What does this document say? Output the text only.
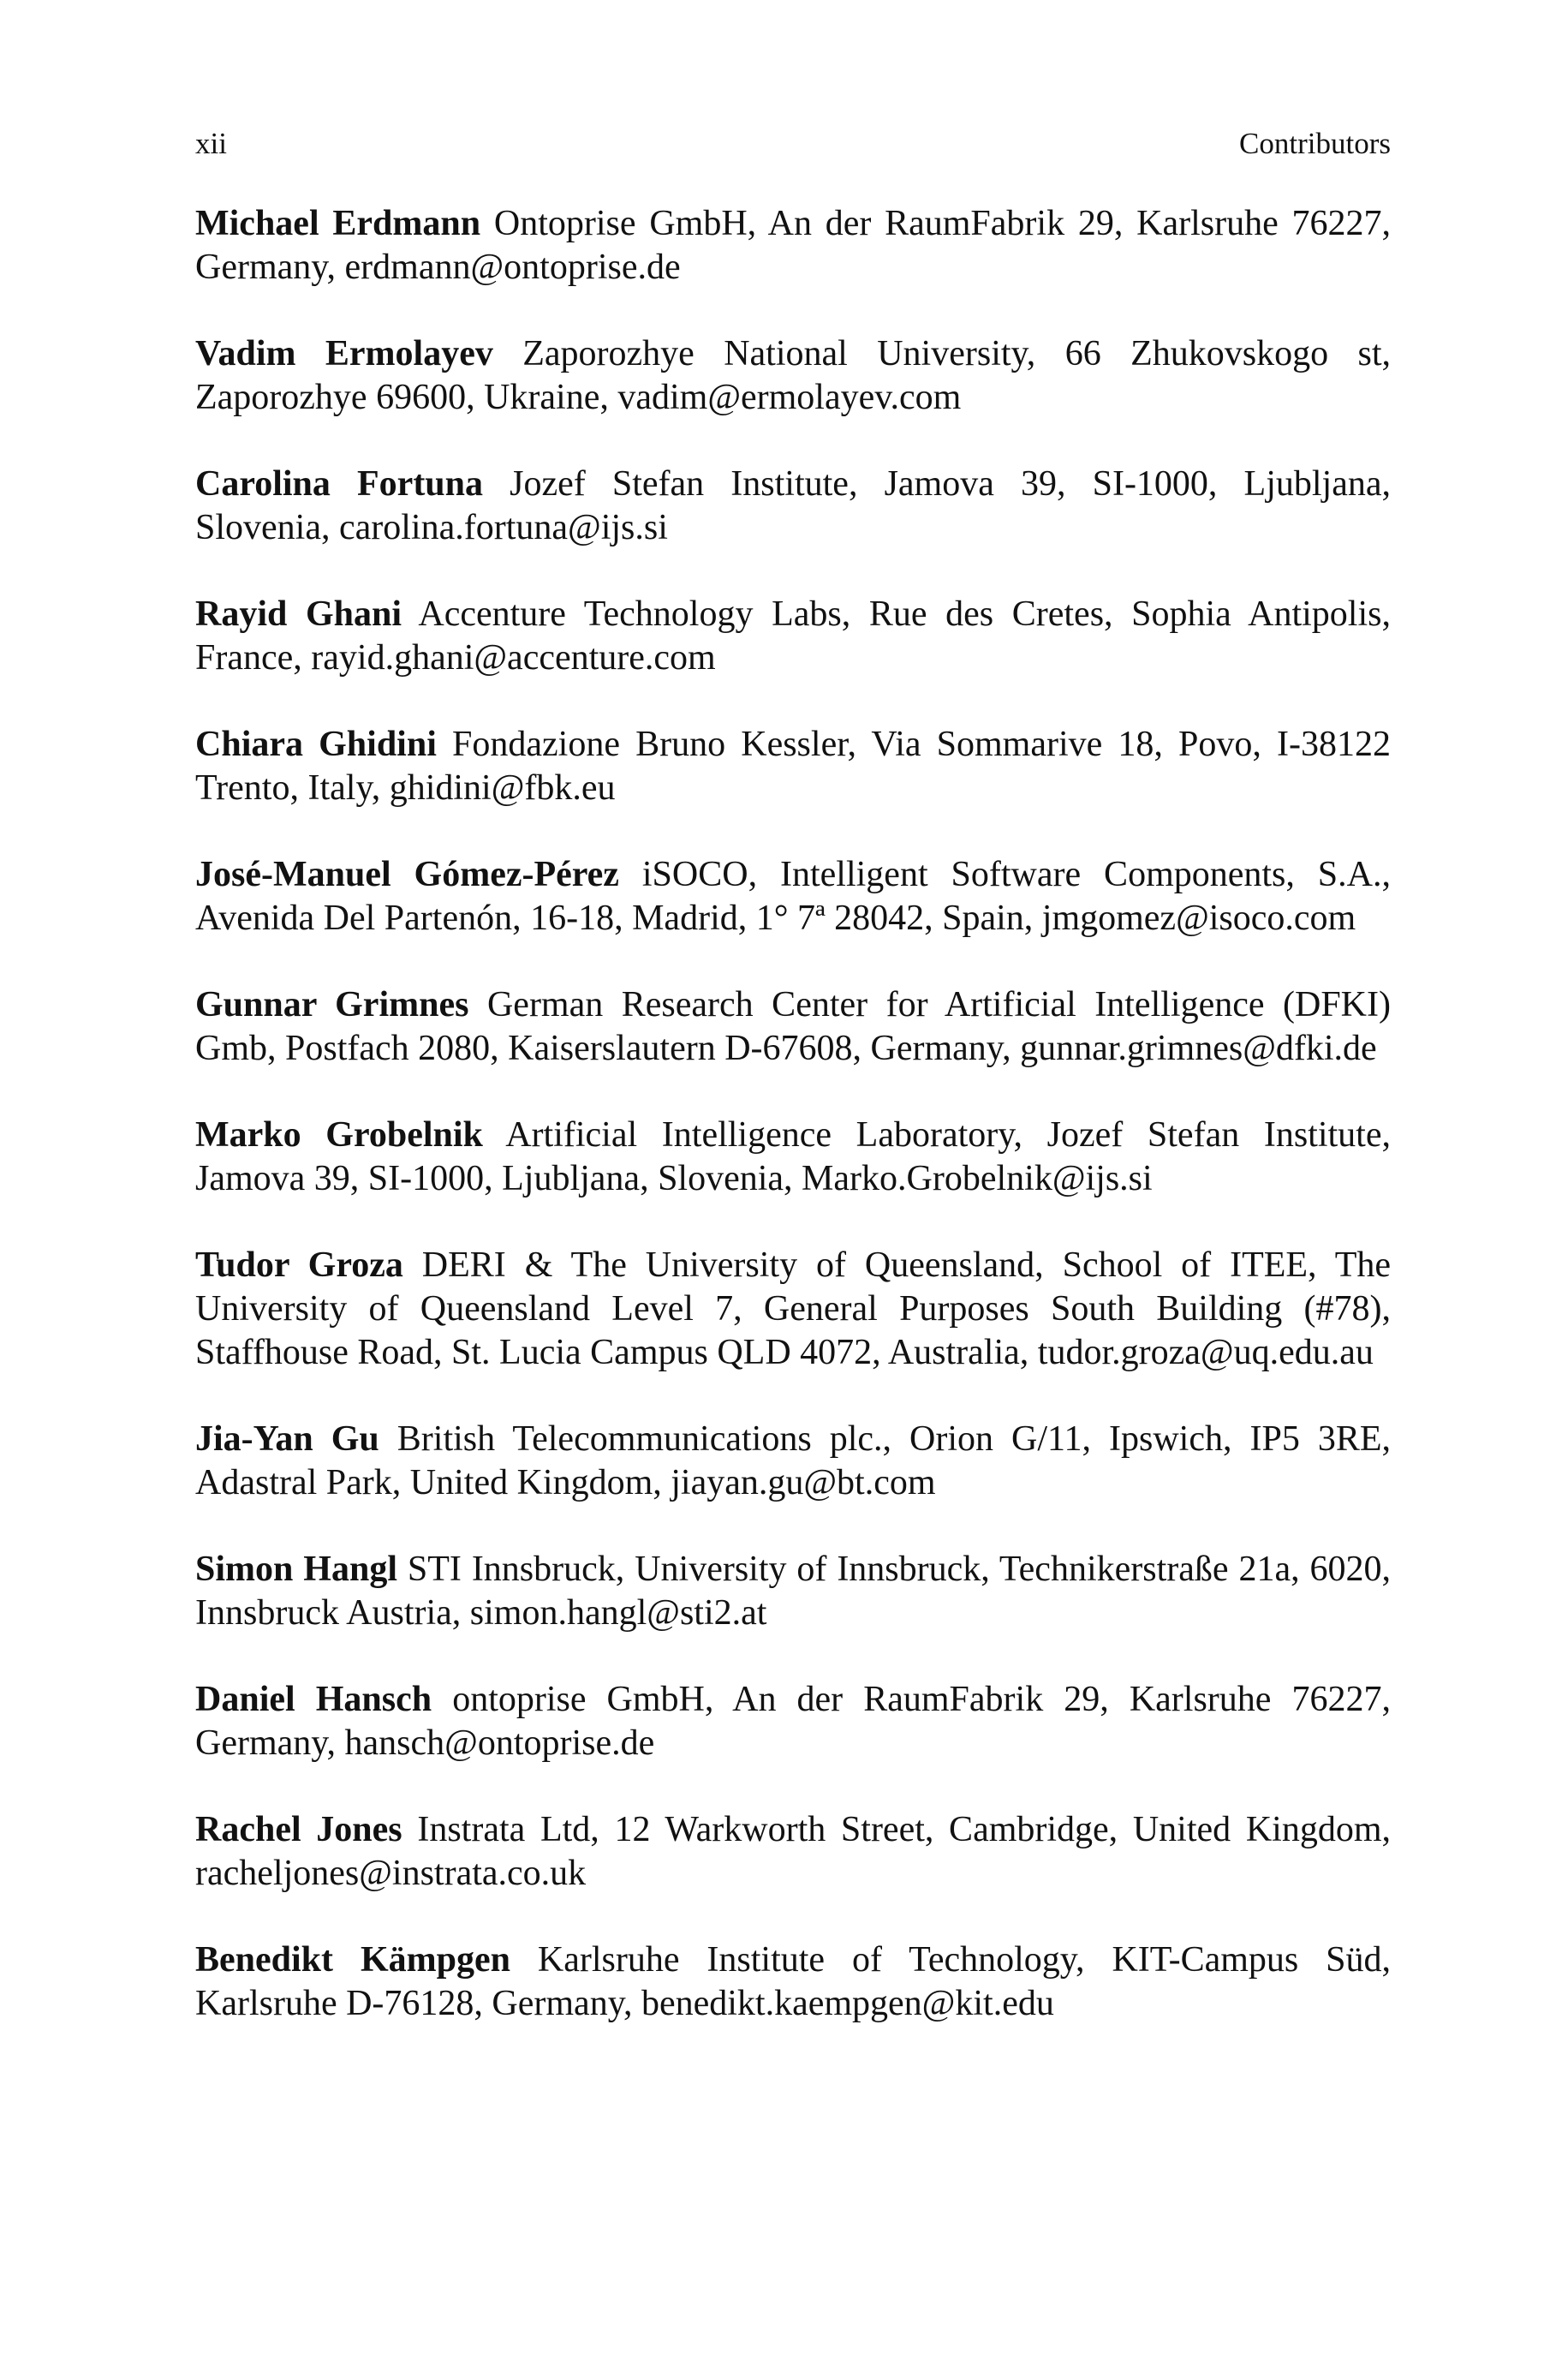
xii	Contributors
Michael Erdmann Ontoprise GmbH, An der RaumFabrik 29, Karlsruhe 76227, Germany, erdmann@ontoprise.de
Vadim Ermolayev Zaporozhye National University, 66 Zhukovskogo st, Zaporozhye 69600, Ukraine, vadim@ermolayev.com
Carolina Fortuna Jozef Stefan Institute, Jamova 39, SI-1000, Ljubljana, Slovenia, carolina.fortuna@ijs.si
Rayid Ghani Accenture Technology Labs, Rue des Cretes, Sophia Antipolis, France, rayid.ghani@accenture.com
Chiara Ghidini Fondazione Bruno Kessler, Via Sommarive 18, Povo, I-38122 Trento, Italy, ghidini@fbk.eu
José-Manuel Gómez-Pérez iSOCO, Intelligent Software Components, S.A., Avenida Del Partenón, 16-18, Madrid, 1° 7ª 28042, Spain, jmgomez@isoco.com
Gunnar Grimnes German Research Center for Artificial Intelligence (DFKI) Gmb, Postfach 2080, Kaiserslautern D-67608, Germany, gunnar.grimnes@dfki.de
Marko Grobelnik Artificial Intelligence Laboratory, Jozef Stefan Institute, Jamova 39, SI-1000, Ljubljana, Slovenia, Marko.Grobelnik@ijs.si
Tudor Groza DERI & The University of Queensland, School of ITEE, The University of Queensland Level 7, General Purposes South Building (#78), Staffhouse Road, St. Lucia Campus QLD 4072, Australia, tudor.groza@uq.edu.au
Jia-Yan Gu British Telecommunications plc., Orion G/11, Ipswich, IP5 3RE, Adastral Park, United Kingdom, jiayan.gu@bt.com
Simon Hangl STI Innsbruck, University of Innsbruck, Technikerstraße 21a, 6020, Innsbruck Austria, simon.hangl@sti2.at
Daniel Hansch ontoprise GmbH, An der RaumFabrik 29, Karlsruhe 76227, Germany, hansch@ontoprise.de
Rachel Jones Instrata Ltd, 12 Warkworth Street, Cambridge, United Kingdom, racheljones@instrata.co.uk
Benedikt Kämpgen Karlsruhe Institute of Technology, KIT-Campus Süd, Karlsruhe D-76128, Germany, benedikt.kaempgen@kit.edu
